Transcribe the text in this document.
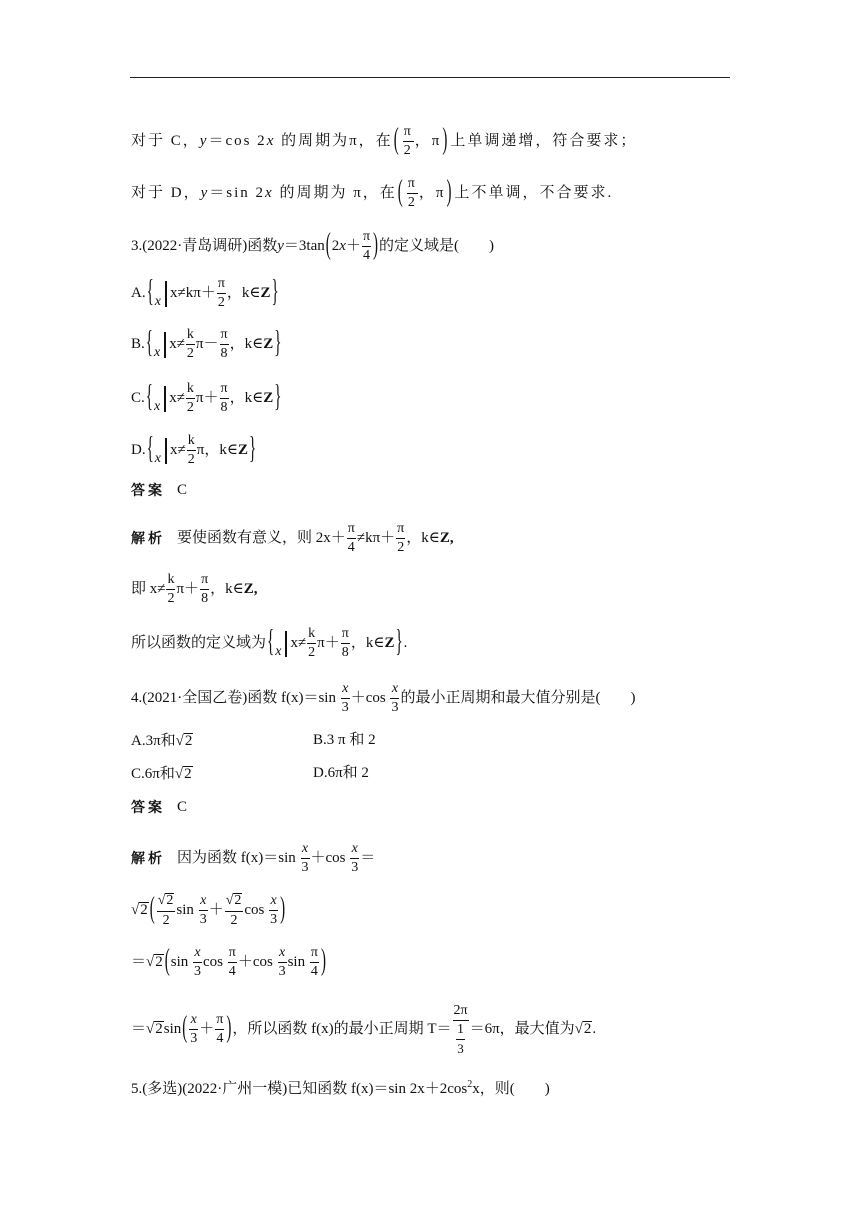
对于 C，y＝cos 2x 的周期为π，在( $\frac{\pi}{2}$ ，π)上单调递增，符合要求；
对于 D，y＝sin 2x 的周期为 π，在( $\frac{\pi}{2}$ ，π)上不单调，不合要求.
3.(2022·青岛调研)函数$y=3\tan(2x+ \frac{\pi}{4}$ )的定义域是(　　)
$A.\{xx\ne k\pi+ \frac{\pi}{2}$ ，k∈Z}
$B.\{xx\ne \frac{k}{2} \pi- \frac{\pi}{8}$ ，k∈Z}
$C.\{xx\ne \frac{k}{2} \pi+ \frac{\pi}{8}$ ，k∈Z}
$D.\{xx\ne \frac{k}{2}$ π，k∈Z}
答案 C
解析 要使函数有意义，则 $2x+ \frac{\pi}{4} \ne k\pi+ \frac{\pi}{2}$ ，k∈Z,
即 $x\ne \frac{k}{2} \pi+ \frac{\pi}{8}$ ，k∈Z,
所以函数的定义域为{$xx\ne \frac{k}{2} \pi+ \frac{\pi}{8}$ ，k∈Z}.
4.(2021·全国乙卷)函数 $f(x)=\sin \frac{x}{3} +\cos \frac{x}{3}$ 的最小正周期和最大值分别是(　　)
A.3π和√2	B.3 π 和 2
C.6π和√2	D.6π和 2
答案 C
解析 因为函数 $f(x)=\sin \frac{x}{3} +\cos \frac{x}{3}$ ＝
√2 ( $\frac{√2}{2}$ $\sin \frac{x}{3} + \frac{√2}{2}$ $\cos \frac{x}{3}$ )
＝√2 ($\sin \frac{x}{3}$ $\cos \frac{\pi}{4} +\cos \frac{x}{3}$ $\sin \frac{\pi}{4}$ )
$=√2\sin( \frac{x}{3} + \frac{\pi}{4}$ )，所以函数 f(x)的最小正周期 $T= \frac{2\pi}{\frac{1}{3}} =6\pi$，最大值为√2.
5.(多选)(2022·广州一模)已知函数 f(x)＝sin $2x+2\cos^2x$，则(　　)
